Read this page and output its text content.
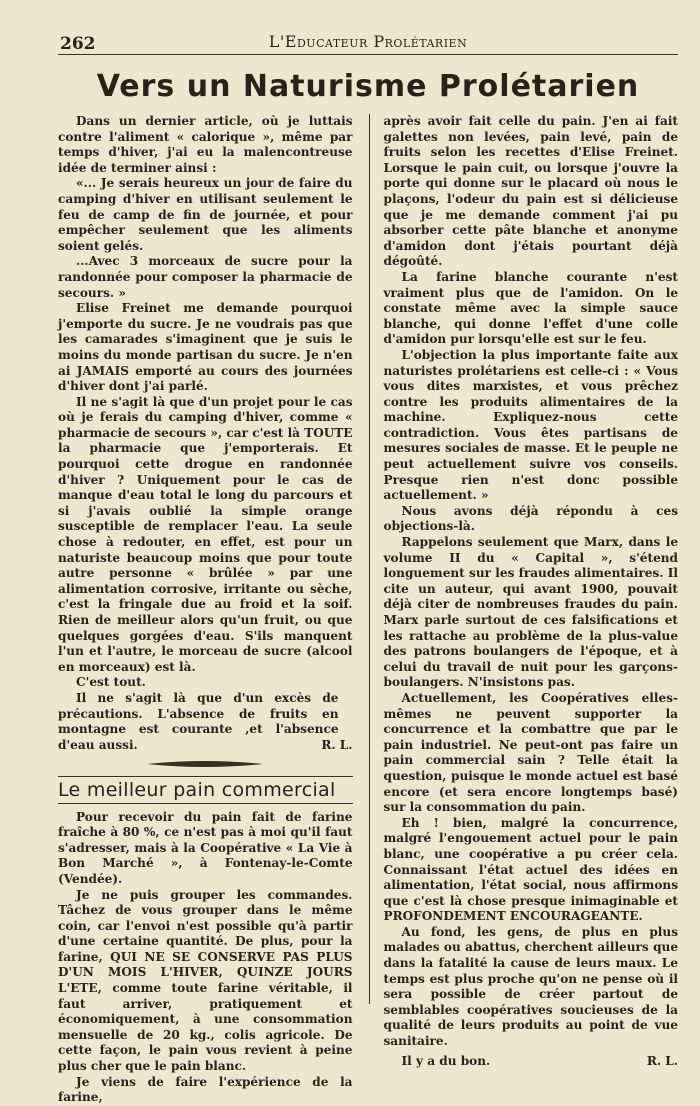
262	L'Educateur Prolétarien
Vers un Naturisme Prolétarien

Dans un dernier article, où je luttais contre l'aliment « calorique », même par temps d'hiver, j'ai eu la malencontreuse idée de terminer ainsi :

«... Je serais heureux un jour de faire du camping d'hiver en utilisant seulement le feu de camp de fin de journée, et pour empêcher seulement que les aliments soient gelés.

...Avec 3 morceaux de sucre pour la randonnée pour composer la pharmacie de secours. »

Elise Freinet me demande pourquoi j'emporte du sucre. Je ne voudrais pas que les camarades s'imaginent que je suis le moins du monde partisan du sucre. Je n'en ai JAMAIS emporté au cours des journées d'hiver dont j'ai parlé.

Il ne s'agit là que d'un projet pour le cas où je ferais du camping d'hiver, comme « pharmacie de secours », car c'est là TOUTE la pharmacie que j'emporterais. Et pourquoi cette drogue en randonnée d'hiver ? Uniquement pour le cas de manque d'eau total le long du parcours et si j'avais oublié la simple orange susceptible de remplacer l'eau. La seule chose à redouter, en effet, est pour un naturiste beaucoup moins que pour toute autre personne « brûlée » par une alimentation corrosive, irritante ou sèche, c'est la fringale due au froid et la soif. Rien de meilleur alors qu'un fruit, ou que quelques gorgées d'eau. S'ils manquent l'un et l'autre, le morceau de sucre (alcool en morceaux) est là.

C'est tout.

Il ne s'agit là que d'un excès de précautions. L'absence de fruits en montagne est courante ,et l'absence d'eau aussi.	R. L.
Le meilleur pain commercial

Pour recevoir du pain fait de farine fraîche à 80 %, ce n'est pas à moi qu'il faut s'adresser, mais à la Coopérative « La Vie à Bon Marché », à Fontenay-le-Comte (Vendée).

Je ne puis grouper les commandes. Tâchez de vous grouper dans le même coin, car l'envoi n'est possible qu'à partir d'une certaine quantité. De plus, pour la farine, QUI NE SE CONSERVE PAS PLUS D'UN MOIS L'HIVER, QUINZE JOURS L'ETE, comme toute farine véritable, il faut arriver, pratiquement et économiquement, à une consommation mensuelle de 20 kg., colis agricole. De cette façon, le pain vous revient à peine plus cher que le pain blanc.

Je viens de faire l'expérience de la farine,

après avoir fait celle du pain. J'en ai fait galettes non levées, pain levé, pain de fruits selon les recettes d'Elise Freinet. Lorsque le pain cuit, ou lorsque j'ouvre la porte qui donne sur le placard où nous le plaçons, l'odeur du pain est si délicieuse que je me demande comment j'ai pu absorber cette pâte blanche et anonyme d'amidon dont j'étais pourtant déjà dégoûté.

La farine blanche courante n'est vraiment plus que de l'amidon. On le constate même avec la simple sauce blanche, qui donne l'effet d'une colle d'amidon pur lorsqu'elle est sur le feu.

L'objection la plus importante faite aux naturistes prolétariens est celle-ci : « Vous vous dites marxistes, et vous prêchez contre les produits alimentaires de la machine. Expliquez-nous cette contradiction. Vous êtes partisans de mesures sociales de masse. Et le peuple ne peut actuellement suivre vos conseils. Presque rien n'est donc possible actuellement. »

Nous avons déjà répondu à ces objections-là.

Rappelons seulement que Marx, dans le volume II du « Capital », s'étend longuement sur les fraudes alimentaires. Il cite un auteur, qui avant 1900, pouvait déjà citer de nombreuses fraudes du pain. Marx parle surtout de ces falsifications et les rattache au problème de la plus-value des patrons boulangers de l'époque, et à celui du travail de nuit pour les garçons-boulangers. N'insistons pas.

Actuellement, les Coopératives elles-mêmes ne peuvent supporter la concurrence et la combattre que par le pain industriel. Ne peut-ont pas faire un pain commercial sain ? Telle était la question, puisque le monde actuel est basé encore (et sera encore longtemps basé) sur la consommation du pain.

Eh ! bien, malgré la concurrence, malgré l'engouement actuel pour le pain blanc, une coopérative a pu créer cela. Connaissant l'état actuel des idées en alimentation, l'état social, nous affirmons que c'est là chose presque inimaginable et PROFONDEMENT ENCOURAGEANTE.

Au fond, les gens, de plus en plus malades ou abattus, cherchent ailleurs que dans la fatalité la cause de leurs maux. Le temps est plus proche qu'on ne pense où il sera possible de créer partout de semblables coopératives soucieuses de la qualité de leurs produits au point de vue sanitaire.

Il y a du bon.	R. L.
